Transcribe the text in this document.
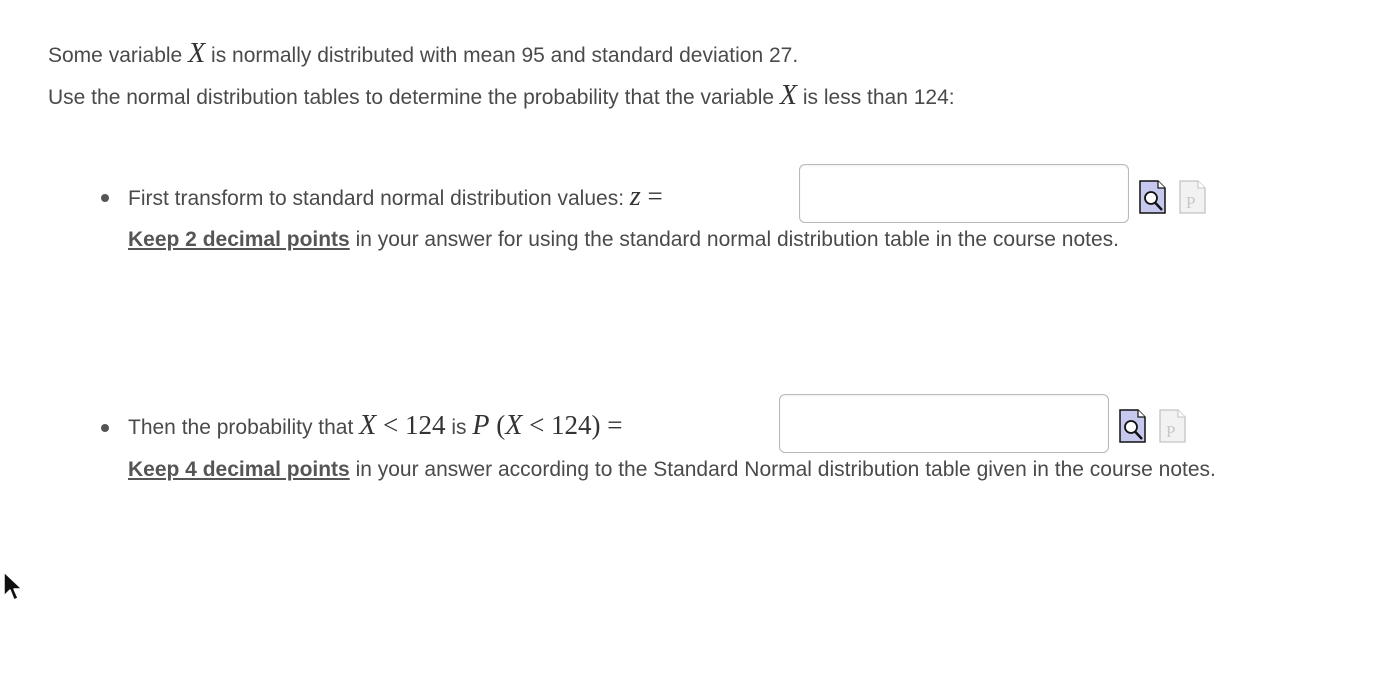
Some variable X is normally distributed with mean 95 and standard deviation 27.
Use the normal distribution tables to determine the probability that the variable X is less than 124:
First transform to standard normal distribution values: z =	P
Keep 2 decimal points in your answer for using the standard normal distribution table in the course notes.
Then the probability that X < 124 is P (X < 124) =	P
Keep 4 decimal points in your answer according to the Standard Normal distribution table given in the course notes.
